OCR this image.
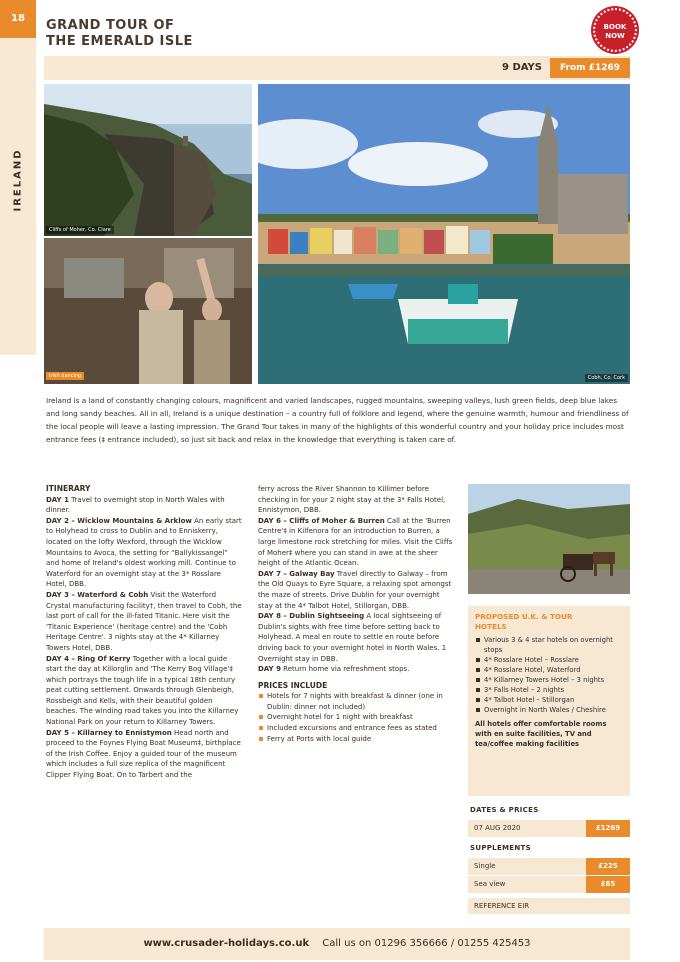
18
IRELAND
GRAND TOUR OF
THE EMERALD ISLE
BOOK
NOW
9 DAYS	From £1269
Cliffs of Moher, Co. Clare
Irish dancing	Cobh, Co. Cork
Ireland is a land of constantly changing colours, magnificent and varied landscapes, rugged mountains, sweeping valleys, lush green fields, deep blue lakes and long sandy beaches. All in all, Ireland is a unique destination – a country full of folklore and legend, where the genuine warmth, humour and friendliness of the local people will leave a lasting impression. The Grand Tour takes in many of the highlights of this wonderful country and your holiday price includes most entrance fees (‡ entrance included), so just sit back and relax in the knowledge that everything is taken care of.
ITINERARY

DAY 1 Travel to overnight stop in North Wales with dinner.

DAY 2 – Wicklow Mountains & Arklow An early start to Holyhead to cross to Dublin and to Enniskerry, located on the lofty Wexford, through the Wicklow Mountains to Avoca, the setting for “Ballykissangel” and home of Ireland's oldest working mill. Continue to Waterford for an overnight stay at the 3* Rosslare Hotel, DBB.

DAY 3 – Waterford & Cobh Visit the Waterford Crystal manufacturing facility†, then travel to Cobh, the last port of call for the ill-fated Titanic. Here visit the 'Titanic Experience' (heritage centre) and the 'Cobh Heritage Centre'. 3 nights stay at the 4* Killarney Towers Hotel, DBB.

DAY 4 – Ring Of Kerry Together with a local guide start the day at Killorglin and 'The Kerry Bog Village'‡ which portrays the tough life in a typical 18th century peat cutting settlement. Onwards through Glenbeigh, Rossbeigh and Kells, with their beautiful golden beaches. The winding road takes you into the Killarney National Park on your return to Killarney Towers.

DAY 5 – Killarney to Ennistymon Head north and proceed to the Foynes Flying Boat Museum‡, birthplace of the Irish Coffee. Enjoy a guided tour of the museum which includes a full size replica of the magnificent Clipper Flying Boat. On to Tarbert and the

ferry across the River Shannon to Killimer before checking in for your 2 night stay at the 3* Falls Hotel, Ennistymon, DBB.

DAY 6 – Cliffs of Moher & Burren Call at the 'Burren Centre'‡ in Kilfenora for an introduction to Burren, a large limestone rock stretching for miles. Visit the Cliffs of Moher‡ where you can stand in awe at the sheer height of the Atlantic Ocean.

DAY 7 – Galway Bay Travel directly to Galway – from the Old Quays to Eyre Square, a relaxing spot amongst the maze of streets. Drive Dublin for your overnight stay at the 4* Talbot Hotel, Stillorgan, DBB.

DAY 8 – Dublin Sightseeing A local sightseeing of Dublin's sights with free time before setting back to Holyhead. A meal en route to settle en route before driving back to your overnight hotel in North Wales. 1 Overnight stay in DBB.

DAY 9 Return home via refreshment stops.

PRICES INCLUDE
Hotels for 7 nights with breakfast & dinner (one in Dublin: dinner not included)
Overnight hotel for 1 night with breakfast
Included excursions and entrance fees as stated
Ferry at Ports with local guide
PROPOSED U.K. & TOUR
HOTELS
Various 3 & 4 star hotels on overnight stops
4* Rosslare Hotel – Rosslare
4* Rosslare Hotel, Waterford
4* Killarney Towers Hotel – 3 nights
3* Falls Hotel – 2 nights
4* Talbot Hotel – Stillorgan
Overnight in North Wales / Cheshire
All hotels offer comfortable rooms with en suite facilities, TV and tea/coffee making facilities
DATES & PRICES
07 AUG 2020	£1269
SUPPLEMENTS
Single	£225
Sea view	£65
REFERENCE EIR
www.crusader-holidays.co.uk Call us on 01296 356666 / 01255 425453
